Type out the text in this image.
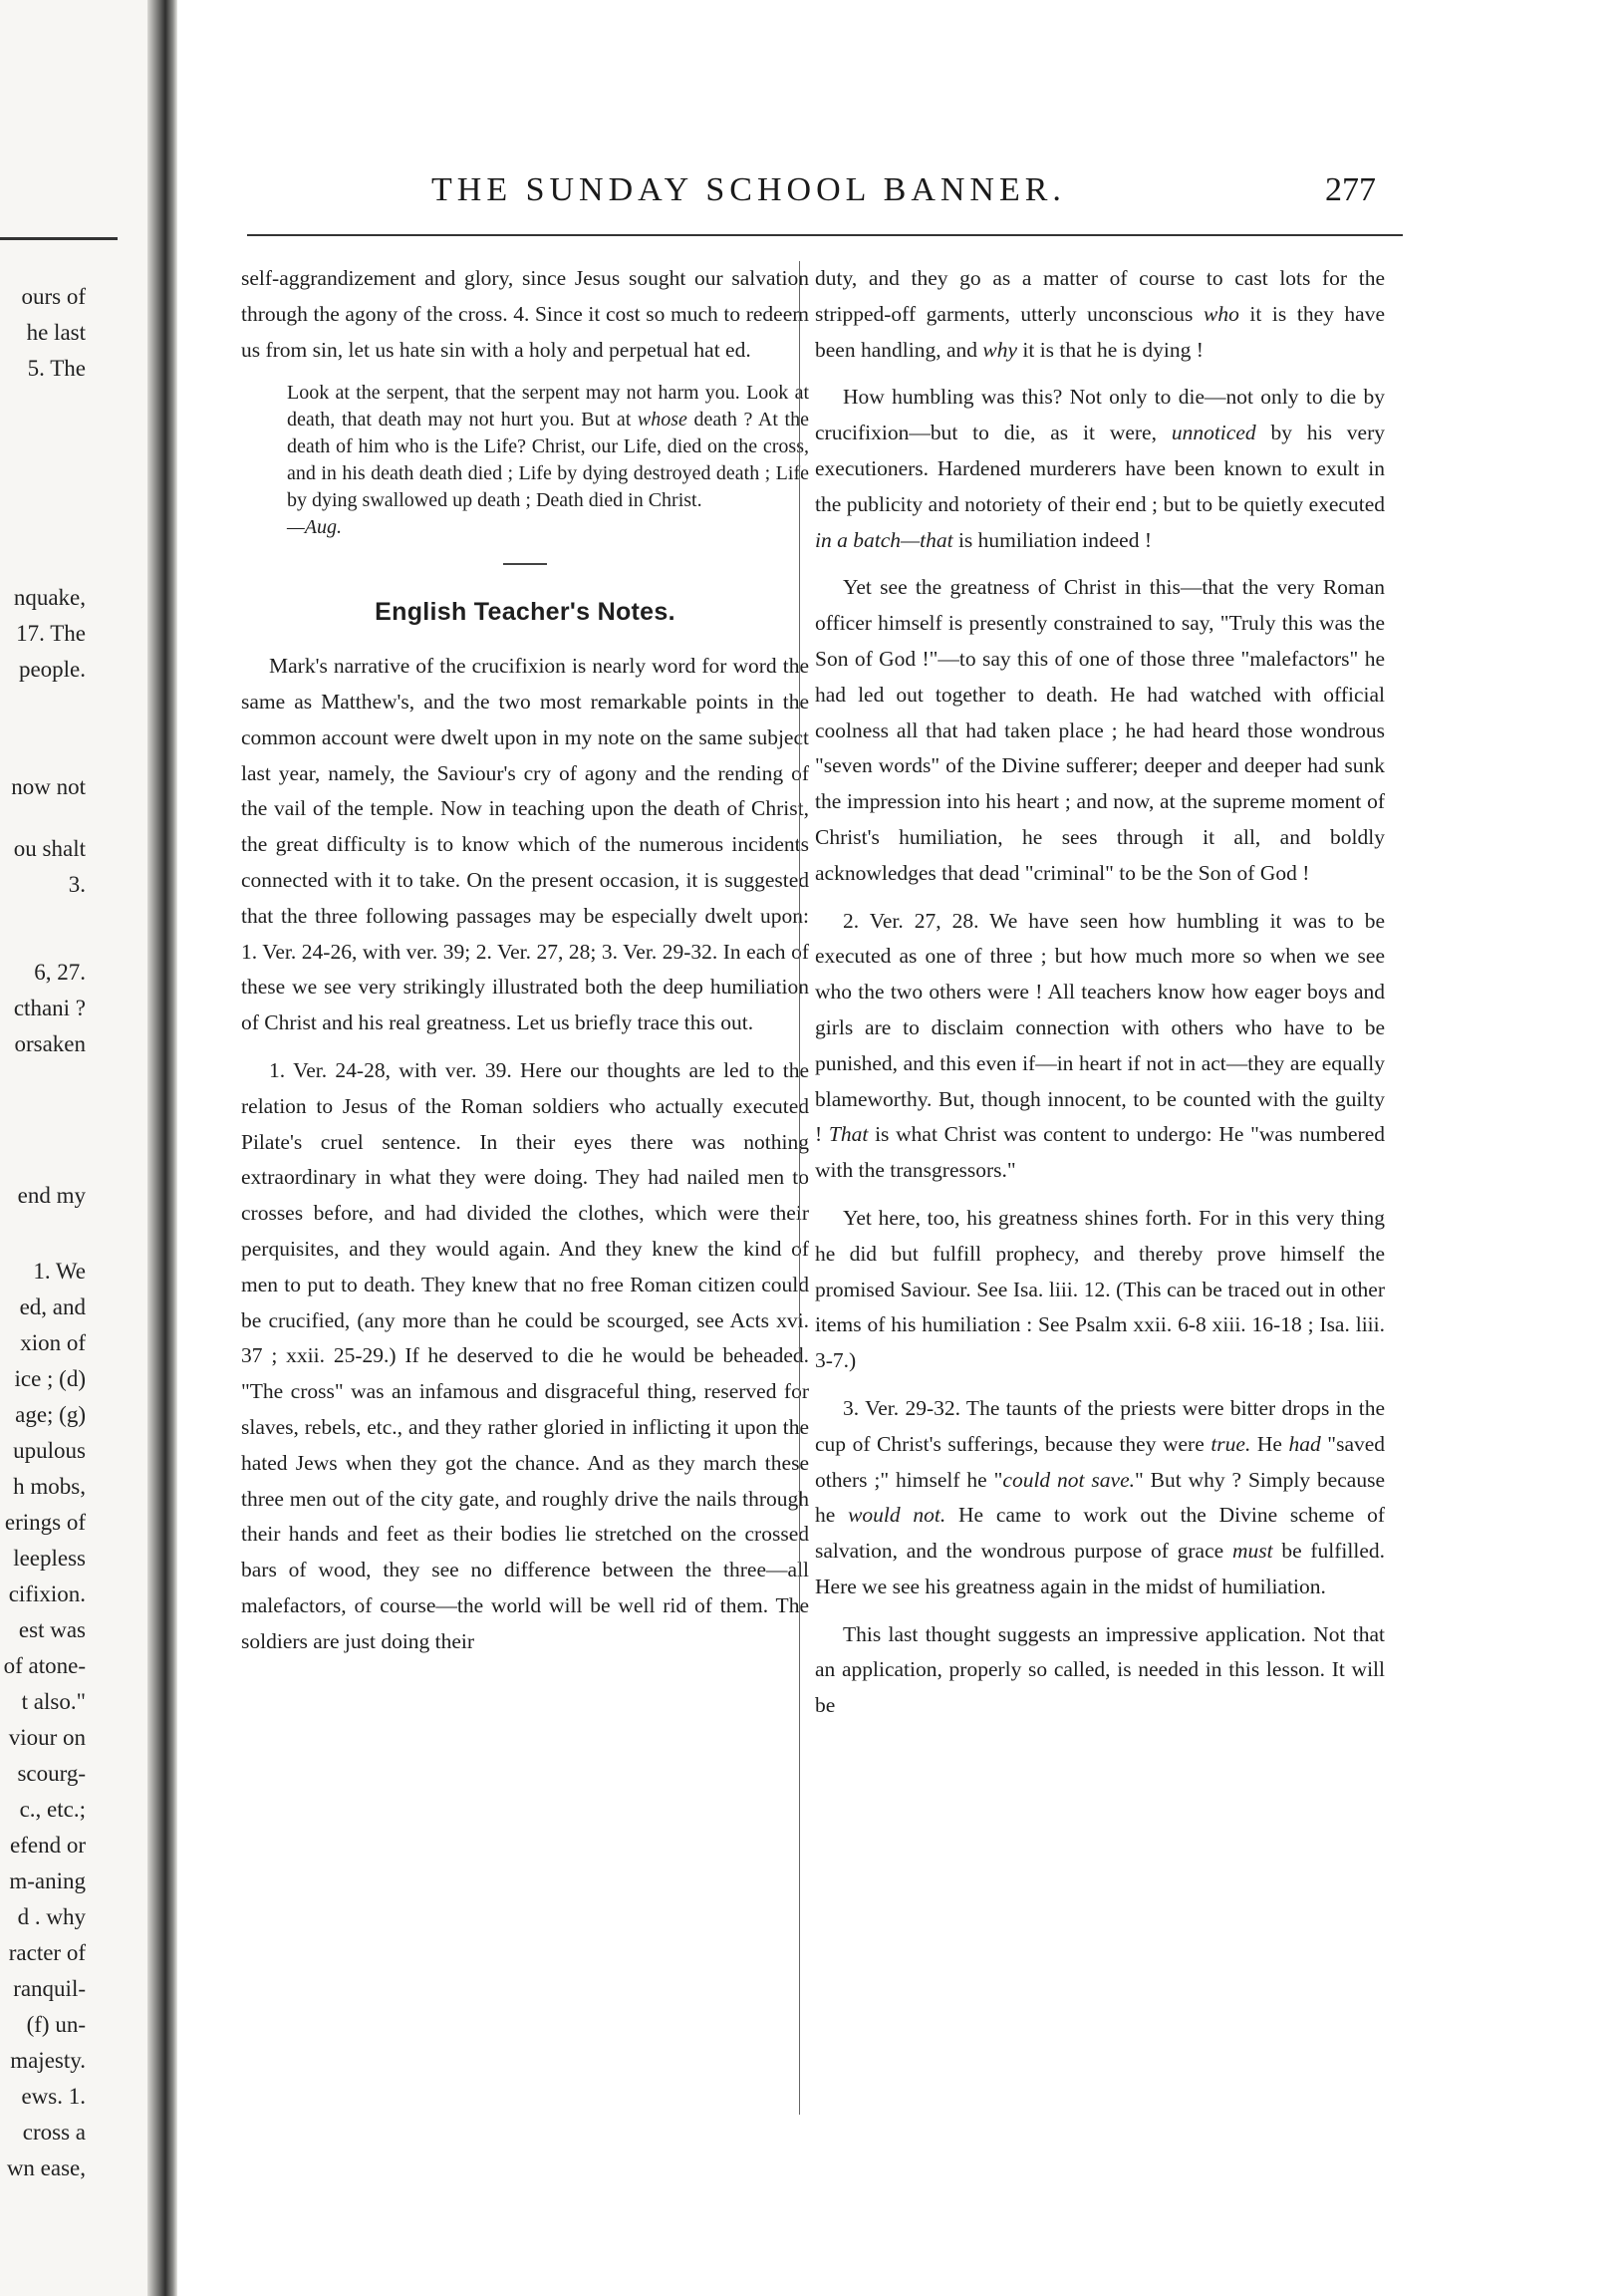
ours of
he last
5. The
nquake,
17. The
people.
now not
ou shalt
3.
6, 27.
cthani ?
orsaken
end my
1. We
ed, and
xion of
ice ; (d)
age; (g)
upulous
h mobs,
erings of
leepless
cifixion.
est was
of atone-
t also."
viour on
scourg-
c., etc.;
efend or
m-aning
d . why
racter of
ranquil-
(f) un-
majesty.
ews. 1.
cross a
wn ease,
THE SUNDAY SCHOOL BANNER.	277

self-aggrandizement and glory, since Jesus sought our salvation through the agony of the cross. 4. Since it cost so much to redeem us from sin, let us hate sin with a holy and perpetual hat ed.

Look at the serpent, that the serpent may not harm you. Look at death, that death may not hurt you. But at whose death ? At the death of him who is the Life? Christ, our Life, died on the cross, and in his death death died ; Life by dying destroyed death ; Life by dying swallowed up death ; Death died in Christ.
—Aug.
English Teacher's Notes.

Mark's narrative of the crucifixion is nearly word for word the same as Matthew's, and the two most remarkable points in the common account were dwelt upon in my note on the same subject last year, namely, the Saviour's cry of agony and the rending of the vail of the temple. Now in teaching upon the death of Christ, the great difficulty is to know which of the numerous incidents connected with it to take. On the present occasion, it is suggested that the three following passages may be especially dwelt upon: 1. Ver. 24-26, with ver. 39; 2. Ver. 27, 28; 3. Ver. 29-32. In each of these we see very strikingly illustrated both the deep humiliation of Christ and his real greatness. Let us briefly trace this out.

1. Ver. 24-28, with ver. 39. Here our thoughts are led to the relation to Jesus of the Roman soldiers who actually executed Pilate's cruel sentence. In their eyes there was nothing extraordinary in what they were doing. They had nailed men to crosses before, and had divided the clothes, which were their perquisites, and they would again. And they knew the kind of men to put to death. They knew that no free Roman citizen could be crucified, (any more than he could be scourged, see Acts xvi. 37 ; xxii. 25-29.) If he deserved to die he would be beheaded. "The cross" was an infamous and disgraceful thing, reserved for slaves, rebels, etc., and they rather gloried in inflicting it upon the hated Jews when they got the chance. And as they march these three men out of the city gate, and roughly drive the nails through their hands and feet as their bodies lie stretched on the crossed bars of wood, they see no difference between the three—all malefactors, of course—the world will be well rid of them. The soldiers are just doing their

duty, and they go as a matter of course to cast lots for the stripped-off garments, utterly unconscious who it is they have been handling, and why it is that he is dying !

How humbling was this? Not only to die—not only to die by crucifixion—but to die, as it were, unnoticed by his very executioners. Hardened murderers have been known to exult in the publicity and notoriety of their end ; but to be quietly executed in a batch—that is humiliation indeed !

Yet see the greatness of Christ in this—that the very Roman officer himself is presently constrained to say, "Truly this was the Son of God !"—to say this of one of those three "malefactors" he had led out together to death. He had watched with official coolness all that had taken place ; he had heard those wondrous "seven words" of the Divine sufferer; deeper and deeper had sunk the impression into his heart ; and now, at the supreme moment of Christ's humiliation, he sees through it all, and boldly acknowledges that dead "criminal" to be the Son of God !

2. Ver. 27, 28. We have seen how humbling it was to be executed as one of three ; but how much more so when we see who the two others were ! All teachers know how eager boys and girls are to disclaim connection with others who have to be punished, and this even if—in heart if not in act—they are equally blameworthy. But, though innocent, to be counted with the guilty ! That is what Christ was content to undergo: He "was numbered with the transgressors."

Yet here, too, his greatness shines forth. For in this very thing he did but fulfill prophecy, and thereby prove himself the promised Saviour. See Isa. liii. 12. (This can be traced out in other items of his humiliation : See Psalm xxii. 6-8 xiii. 16-18 ; Isa. liii. 3-7.)

3. Ver. 29-32. The taunts of the priests were bitter drops in the cup of Christ's sufferings, because they were true. He had "saved others ;" himself he "could not save." But why ? Simply because he would not. He came to work out the Divine scheme of salvation, and the wondrous purpose of grace must be fulfilled. Here we see his greatness again in the midst of humiliation.

This last thought suggests an impressive application. Not that an application, properly so called, is needed in this lesson. It will be
